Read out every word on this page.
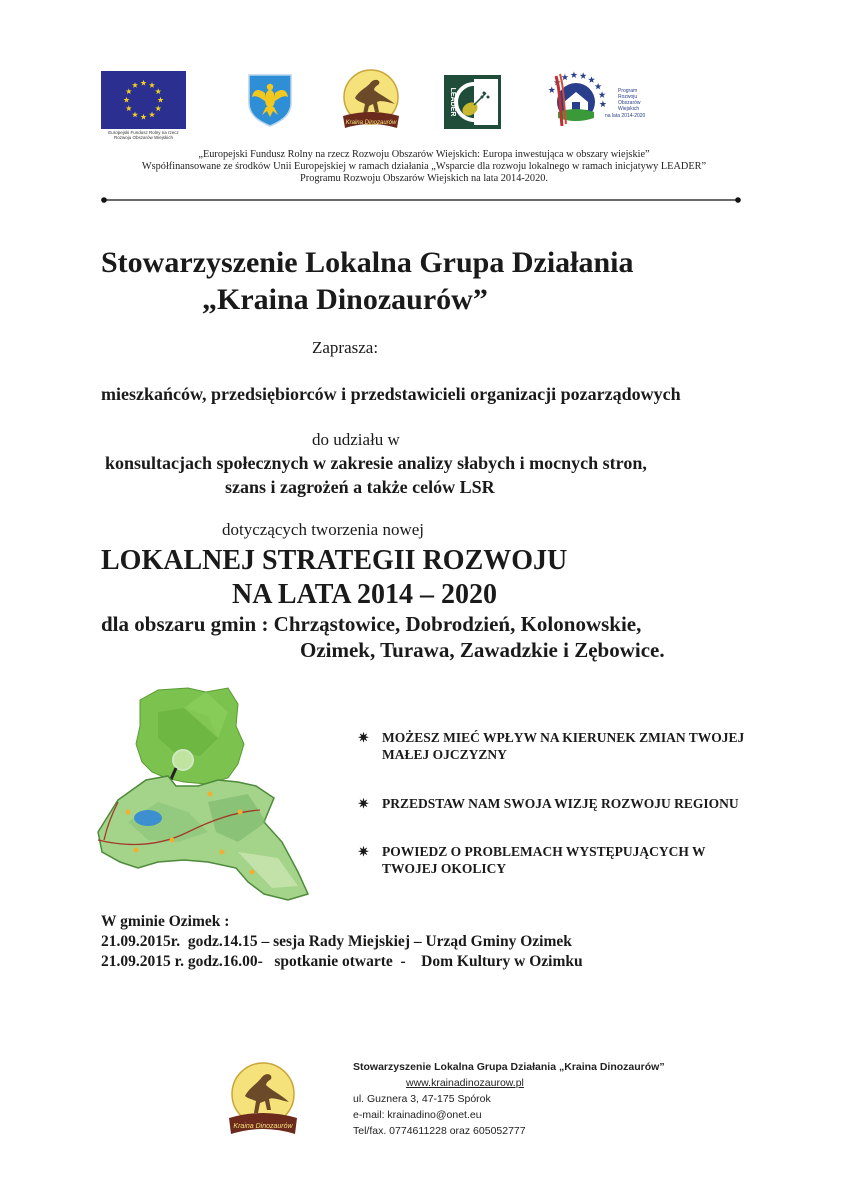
Europejski Fundusz Rolny na rzecz
Rozwoju Obszarów Wiejskich
Kraina Dinozaurów
LEADER	Program
Rozwoju
Obszarów
Wiejskich
na lata 2014-2020
„Europejski Fundusz Rolny na rzecz Rozwoju Obszarów Wiejskich: Europa inwestująca w obszary wiejskie”
Współfinansowane ze środków Unii Europejskiej w ramach działania „Wsparcie dla rozwoju lokalnego w ramach inicjatywy LEADER”
Programu Rozwoju Obszarów Wiejskich na lata 2014-2020.
Stowarzyszenie Lokalna Grupa Działania
„Kraina Dinozaurów”
Zaprasza:
mieszkańców, przedsiębiorców i przedstawicieli organizacji pozarządowych
do udziału w
konsultacjach społecznych w zakresie analizy słabych i mocnych stron,
szans i zagrożeń a także celów LSR
dotyczących tworzenia nowej
LOKALNEJ STRATEGII ROZWOJU
NA LATA 2014 – 2020
dla obszaru gmin : Chrząstowice, Dobrodzień, Kolonowskie,
Ozimek, Turawa, Zawadzkie i Zębowice.
✷ MOŻESZ MIEĆ WPŁYW NA KIERUNEK ZMIAN TWOJEJ
MAŁEJ OJCZYZNY
✷ PRZEDSTAW NAM SWOJA WIZJĘ ROZWOJU REGIONU
✷ POWIEDZ O PROBLEMACH WYSTĘPUJĄCYCH W
TWOJEJ OKOLICY
W gminie Ozimek :
21.09.2015r.  godz.14.15 – sesja Rady Miejskiej – Urząd Gminy Ozimek
21.09.2015 r. godz.16.00-   spotkanie otwarte  -    Dom Kultury w Ozimku
Kraina Dinozaurów
Stowarzyszenie Lokalna Grupa Działania „Kraina Dinozaurów”
www.krainadinozaurow.pl
ul. Guznera 3, 47-175 Spórok
e-mail: krainadino@onet.eu
Tel/fax. 0774611228 oraz 605052777
